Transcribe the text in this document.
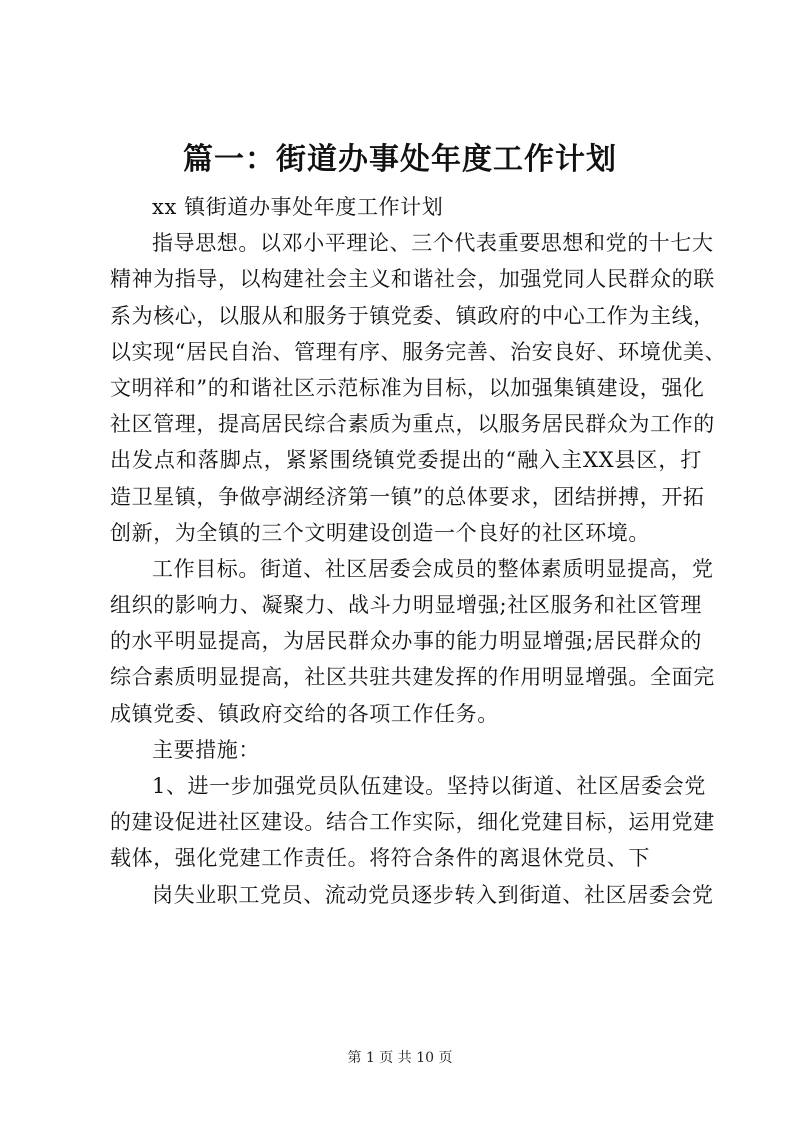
篇一：街道办事处年度工作计划
xx 镇街道办事处年度工作计划
指导思想。以邓小平理论、三个代表重要思想和党的十七大
精神为指导，以构建社会主义和谐社会，加强党同人民群众的联
系为核心，以服从和服务于镇党委、镇政府的中心工作为主线，
以实现“居民自治、管理有序、服务完善、治安良好、环境优美、
文明祥和”的和谐社区示范标准为目标，以加强集镇建设，强化
社区管理，提高居民综合素质为重点，以服务居民群众为工作的
出发点和落脚点，紧紧围绕镇党委提出的“融入主XX县区，打
造卫星镇，争做亭湖经济第一镇”的总体要求，团结拼搏，开拓
创新，为全镇的三个文明建设创造一个良好的社区环境。
工作目标。街道、社区居委会成员的整体素质明显提高，党
组织的影响力、凝聚力、战斗力明显增强;社区服务和社区管理
的水平明显提高，为居民群众办事的能力明显增强;居民群众的
综合素质明显提高，社区共驻共建发挥的作用明显增强。全面完
成镇党委、镇政府交给的各项工作任务。
主要措施：
1、进一步加强党员队伍建设。坚持以街道、社区居委会党
的建设促进社区建设。结合工作实际，细化党建目标，运用党建
载体，强化党建工作责任。将符合条件的离退休党员、下
岗失业职工党员、流动党员逐步转入到街道、社区居委会党
第 1 页 共 10 页
